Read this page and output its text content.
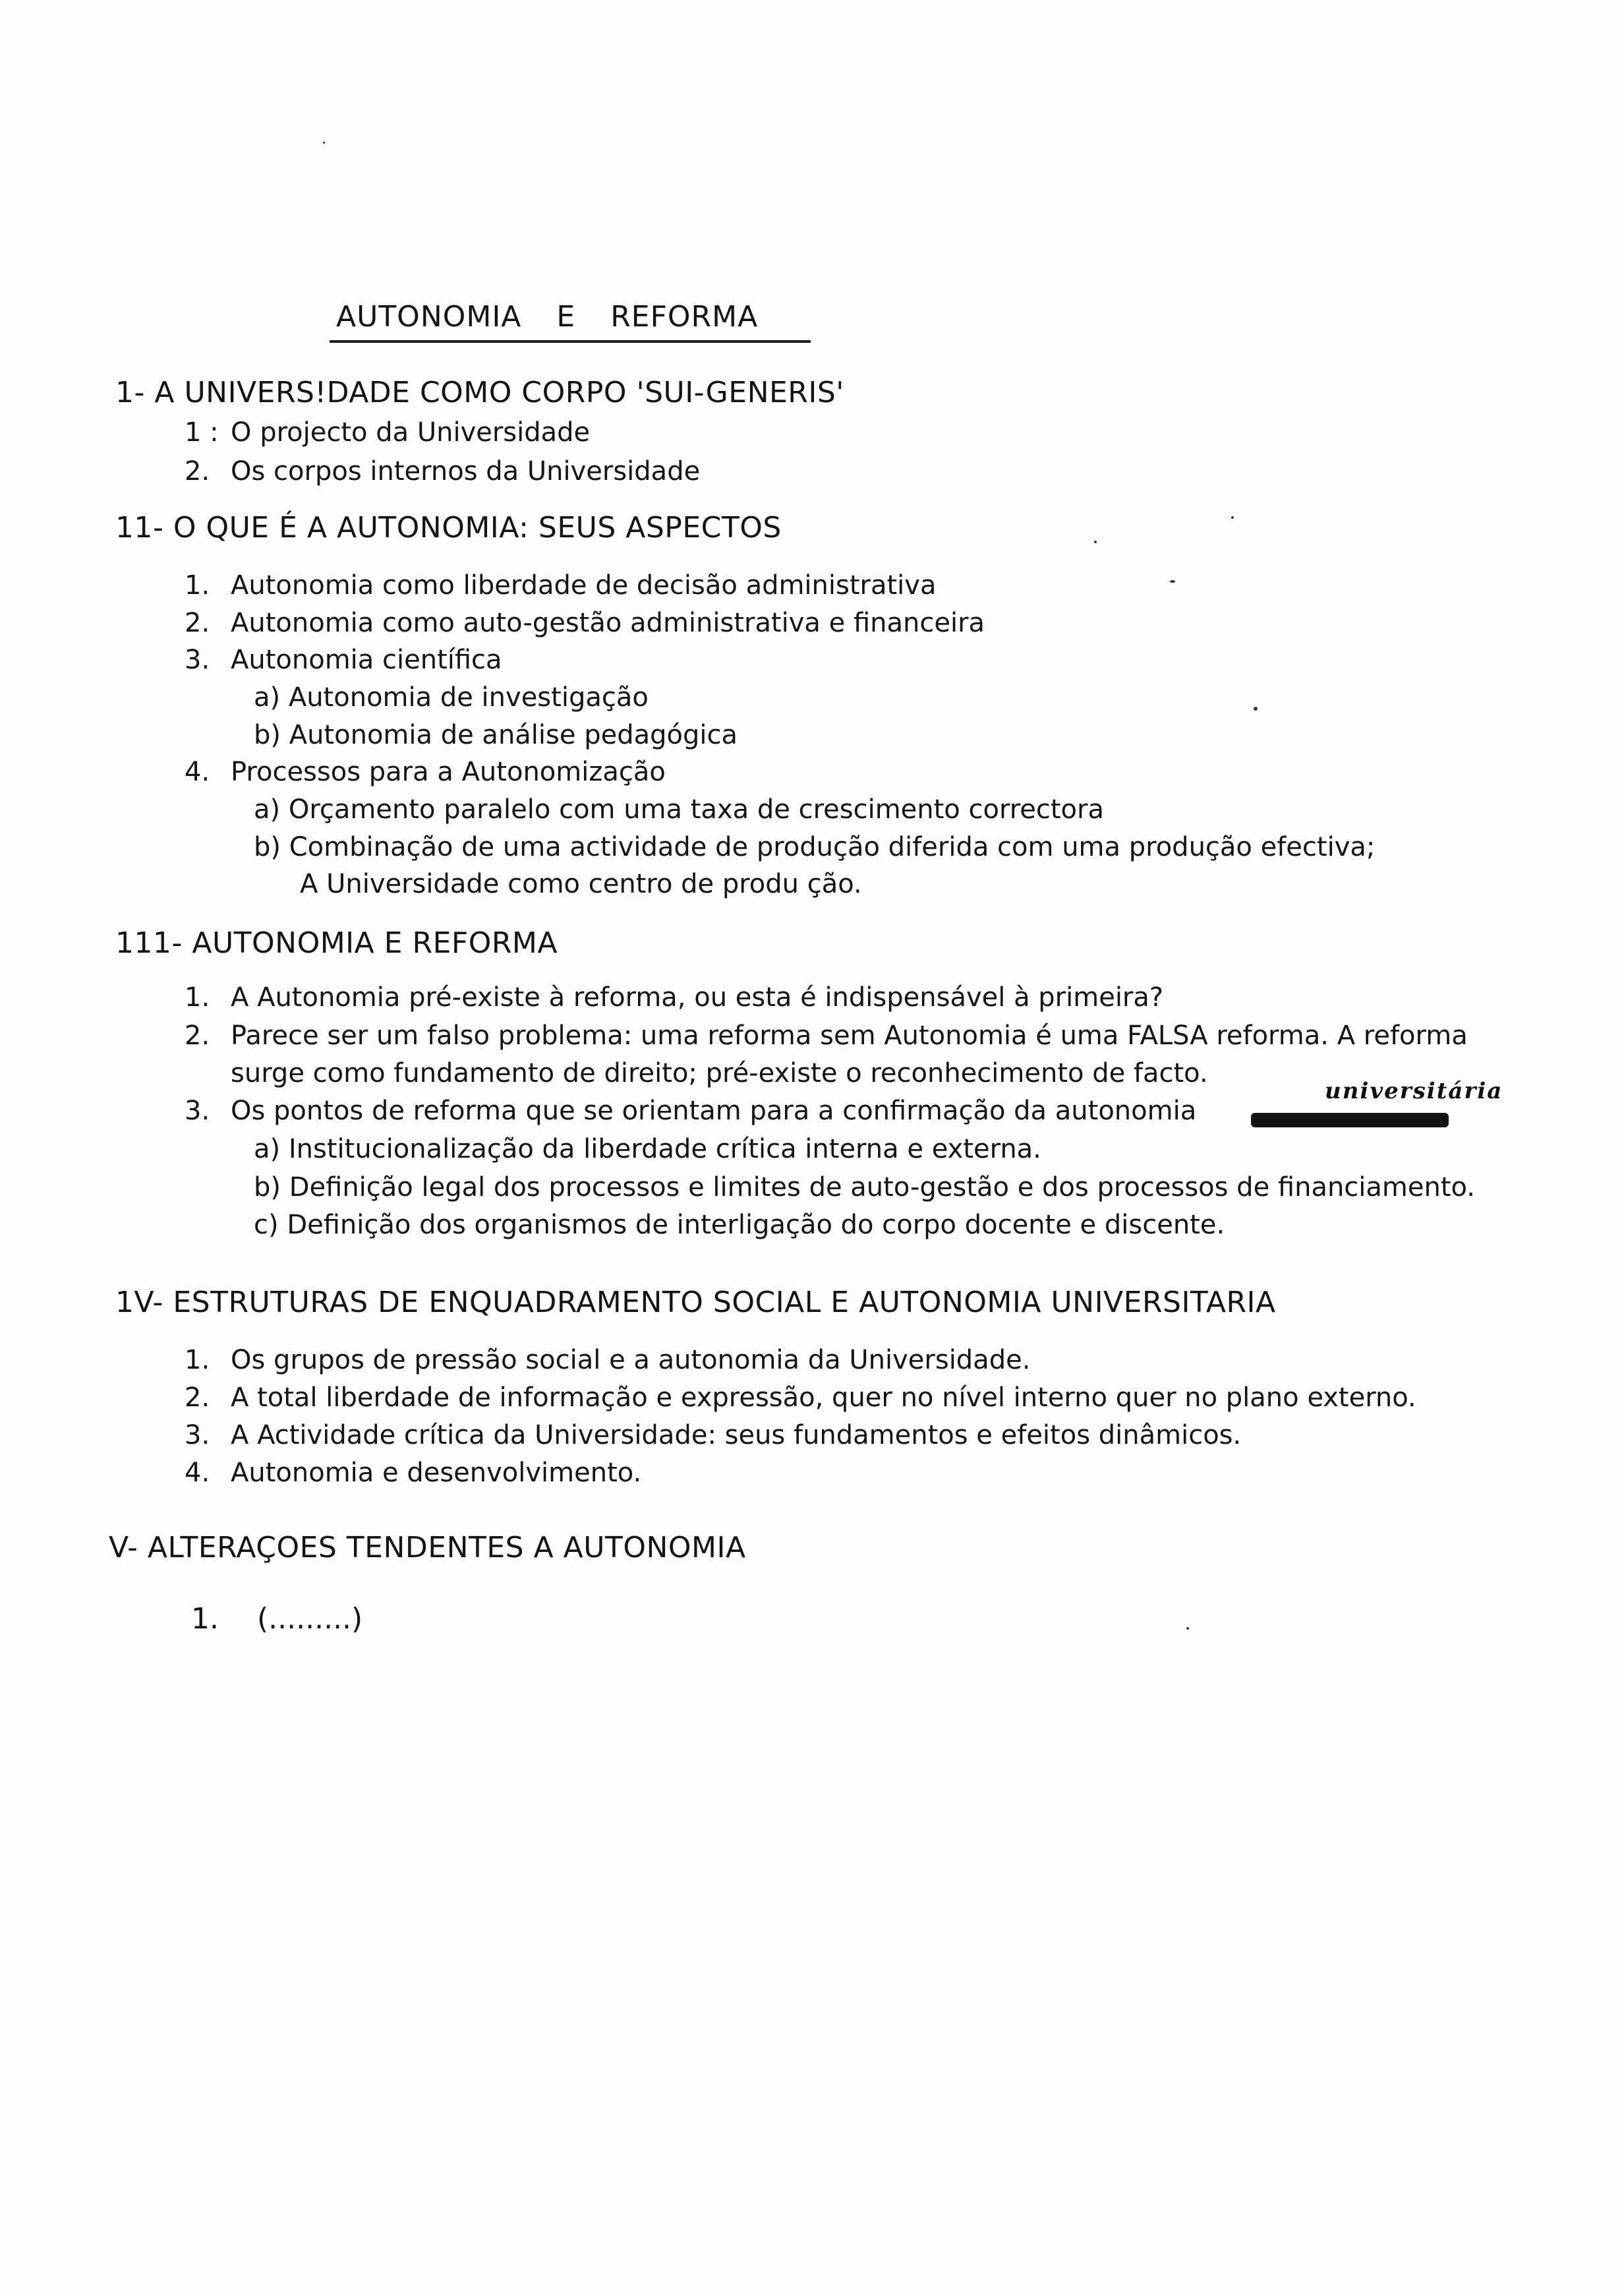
AUTONOMIA E REFORMA
1- A UNIVERS!DADE COMO CORPO 'SUI-GENERIS'
1 : O projecto da Universidade
2. Os corpos internos da Universidade
11- O QUE É A AUTONOMIA: SEUS ASPECTOS
1. Autonomia como liberdade de decisão administrativa
2. Autonomia como auto-gestão administrativa e financeira
3. Autonomia científica
a) Autonomia de investigação
b) Autonomia de análise pedagógica
4. Processos para a Autonomização
a) Orçamento paralelo com uma taxa de crescimento correctora
b) Combinação de uma actividade de produção diferida com uma produção efectiva;
A Universidade como centro de produ ção.
111- AUTONOMIA E REFORMA
1. A Autonomia pré-existe à reforma, ou esta é indispensável à primeira?
2. Parece ser um falso problema: uma reforma sem Autonomia é uma FALSA reforma. A reforma
surge como fundamento de direito; pré-existe o reconhecimento de facto.
universitária
3. Os pontos de reforma que se orientam para a confirmação da autonomia
a) Institucionalização da liberdade crítica interna e externa.
b) Definição legal dos processos e limites de auto-gestão e dos processos de financiamento.
c) Definição dos organismos de interligação do corpo docente e discente.
1V- ESTRUTURAS DE ENQUADRAMENTO SOCIAL E AUTONOMIA UNIVERSITARIA
1. Os grupos de pressão social e a autonomia da Universidade.
2. A total liberdade de informação e expressão, quer no nível interno quer no plano externo.
3. A Actividade crítica da Universidade: seus fundamentos e efeitos dinâmicos.
4. Autonomia e desenvolvimento.
V- ALTERAÇOES TENDENTES A AUTONOMIA
1. (.........)
